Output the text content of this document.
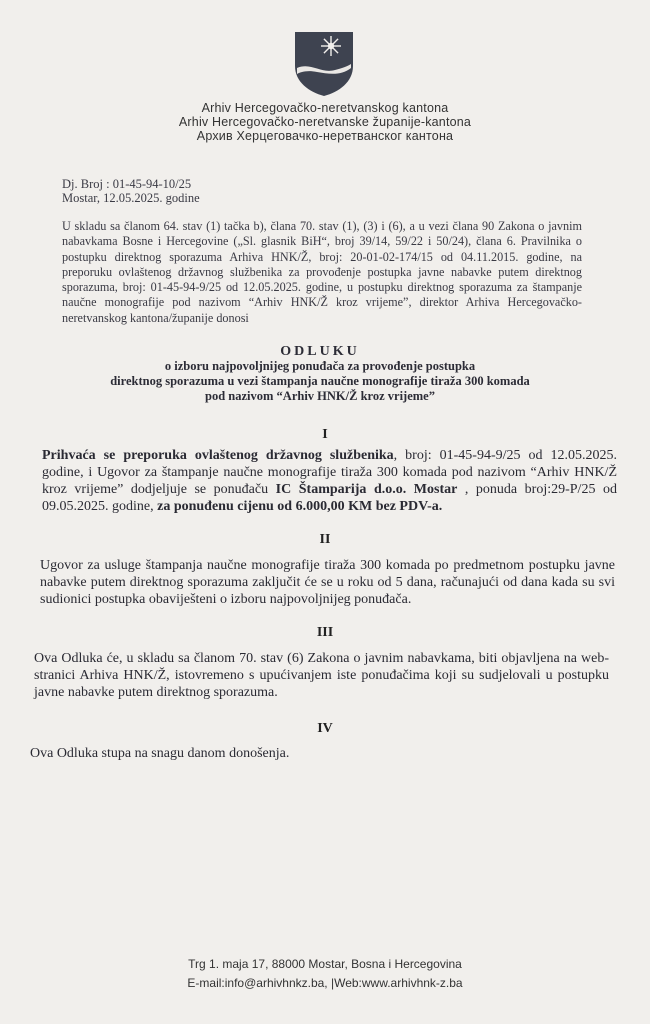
Arhiv Hercegovačko-neretvanskog kantona
Arhiv Hercegovačko-neretvanske županije-kantona
Архив Херцеговачко-неретванског кантона
Dj. Broj : 01-45-94-10/25
Mostar, 12.05.2025. godine
U skladu sa članom 64. stav (1) tačka b), člana 70. stav (1), (3) i (6), a u vezi člana 90 Zakona o javnim nabavkama Bosne i Hercegovine („Sl. glasnik BiH“, broj 39/14, 59/22 i 50/24), člana 6. Pravilnika o postupku direktnog sporazuma Arhiva HNK/Ž, broj: 20-01-02-174/15 od 04.11.2015. godine, na preporuku ovlaštenog državnog službenika za provođenje postupka javne nabavke putem direktnog sporazuma, broj: 01-45-94-9/25 od 12.05.2025. godine, u postupku direktnog sporazuma za štampanje naučne monografije pod nazivom “Arhiv HNK/Ž kroz vrijeme”, direktor Arhiva Hercegovačko-neretvanskog kantona/županije donosi
ODLUKU
o izboru najpovoljnijeg ponuđača za provođenje postupka
direktnog sporazuma u vezi štampanja naučne monografije tiraža 300 komada
pod nazivom “Arhiv HNK/Ž kroz vrijeme”
I
Prihvaća se preporuka ovlaštenog državnog službenika, broj: 01-45-94-9/25 od 12.05.2025. godine, i Ugovor za štampanje naučne monografije tiraža 300 komada pod nazivom “Arhiv HNK/Ž kroz vrijeme” dodjeljuje se ponuđaču IC Štamparija d.o.o. Mostar , ponuda broj:29-P/25 od 09.05.2025. godine, za ponuđenu cijenu od 6.000,00 KM bez PDV-a.
II
Ugovor za usluge štampanja naučne monografije tiraža 300 komada po predmetnom postupku javne nabavke putem direktnog sporazuma zaključit će se u roku od 5 dana, računajući od dana kada su svi sudionici postupka obaviješteni o izboru najpovoljnijeg ponuđača.
III
Ova Odluka će, u skladu sa članom 70. stav (6) Zakona o javnim nabavkama, biti objavljena na web-stranici Arhiva HNK/Ž, istovremeno s upućivanjem iste ponuđačima koji su sudjelovali u postupku javne nabavke putem direktnog sporazuma.
IV
Ova Odluka stupa na snagu danom donošenja.
Trg 1. maja 17, 88000 Mostar, Bosna i Hercegovina
E-mail:info@arhivhnkz.ba, |Web:www.arhivhnk-z.ba
